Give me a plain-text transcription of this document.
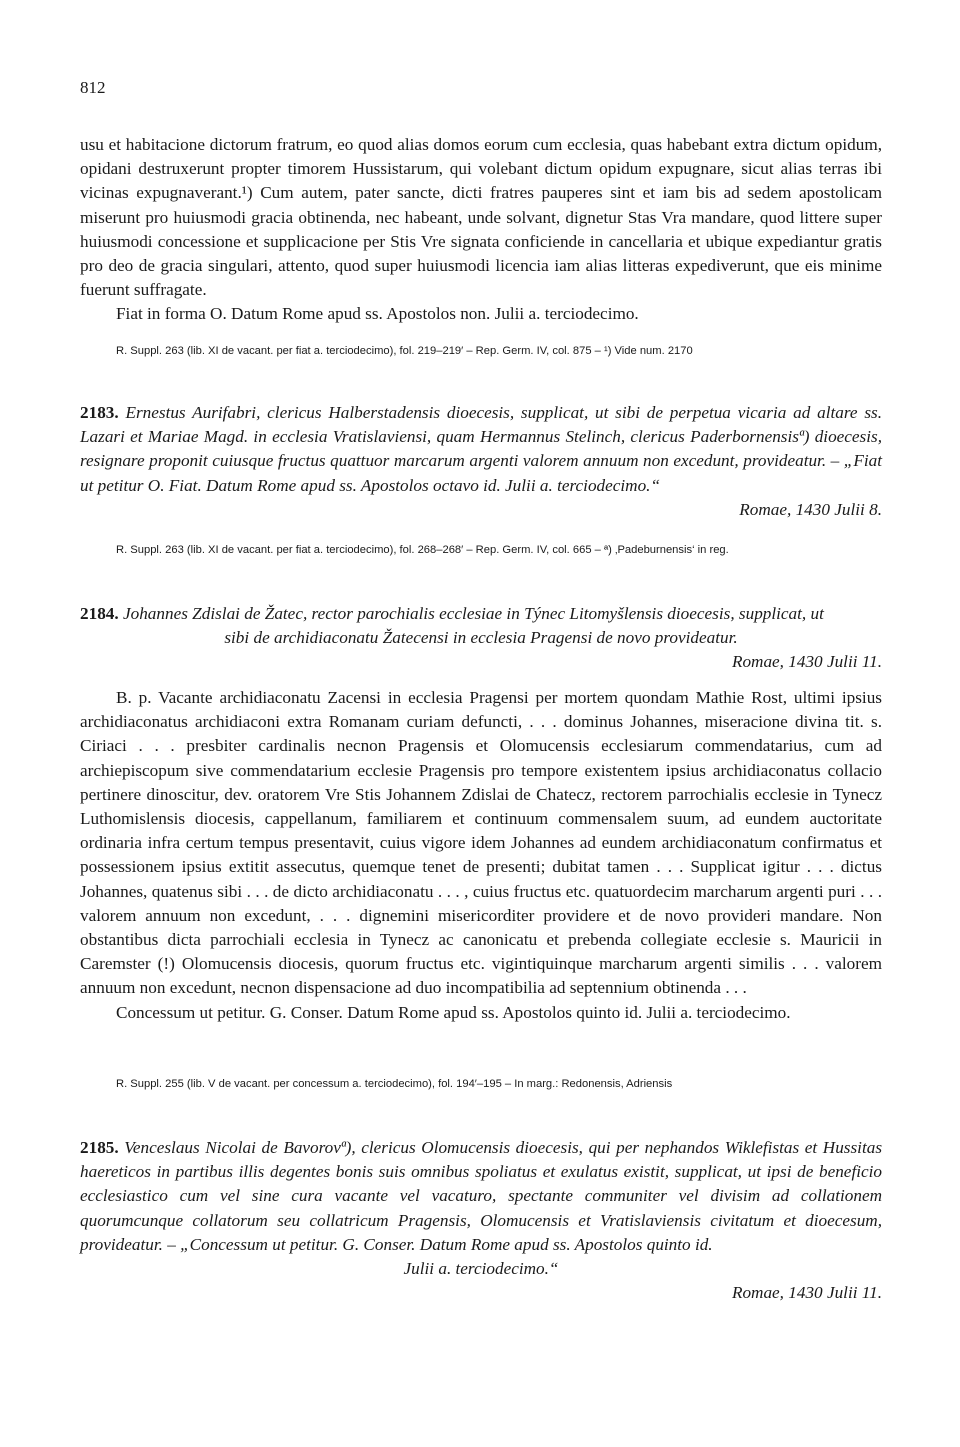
812

usu et habitacione dictorum fratrum, eo quod alias domos eorum cum ecclesia, quas habebant extra dictum opidum, opidani destruxerunt propter timorem Hussistarum, qui volebant dictum opidum expugnare, sicut alias terras ibi vicinas expugnaverant.¹) Cum autem, pater sancte, dicti fratres pauperes sint et iam bis ad sedem apostolicam miserunt pro huiusmodi gracia obtinenda, nec habeant, unde solvant, dignetur Stas Vra mandare, quod littere super huiusmodi concessione et supplicacione per Stis Vre signata conficiende in cancellaria et ubique expediantur gratis pro deo de gracia singulari, attento, quod super huiusmodi licencia iam alias litteras expediverunt, que eis minime fuerunt suffragate.

Fiat in forma O. Datum Rome apud ss. Apostolos non. Julii a. terciodecimo.

R. Suppl. 263 (lib. XI de vacant. per fiat a. terciodecimo), fol. 219–219′ – Rep. Germ. IV, col. 875 – ¹) Vide num. 2170

2183. Ernestus Aurifabri, clericus Halberstadensis dioecesis, supplicat, ut sibi de perpetua vicaria ad altare ss. Lazari et Mariae Magd. in ecclesia Vratislaviensi, quam Hermannus Stelinch, clericus Paderbornensisª) dioecesis, resignare proponit cuiusque fructus quattuor marcarum argenti valorem annuum non excedunt, provideatur. – „Fiat ut petitur O. Fiat. Datum Rome apud ss. Apostolos octavo id. Julii a. terciodecimo.“

Romae, 1430 Julii 8.

R. Suppl. 263 (lib. XI de vacant. per fiat a. terciodecimo), fol. 268–268′ – Rep. Germ. IV, col. 665 – ª) ‚Padeburnensis‘ in reg.

2184. Johannes Zdislai de Žatec, rector parochialis ecclesiae in Týnec Litomyšlensis dioecesis, supplicat, ut

sibi de archidiaconatu Žatecensi in ecclesia Pragensi de novo provideatur.

Romae, 1430 Julii 11.

B. p. Vacante archidiaconatu Zacensi in ecclesia Pragensi per mortem quondam Mathie Rost, ultimi ipsius archidiaconatus archidiaconi extra Romanam curiam defuncti, . . . dominus Johannes, miseracione divina tit. s. Ciriaci . . . presbiter cardinalis necnon Pragensis et Olomucensis ecclesiarum commendatarius, cum ad archiepiscopum sive commendatarium ecclesie Pragensis pro tempore existentem ipsius archidiaconatus collacio pertinere dinoscitur, dev. oratorem Vre Stis Johannem Zdislai de Chatecz, rectorem parrochialis ecclesie in Tynecz Luthomislensis diocesis, cappellanum, familiarem et continuum commensalem suum, ad eundem auctoritate ordinaria infra certum tempus presentavit, cuius vigore idem Johannes ad eundem archidiaconatum confirmatus et possessionem ipsius extitit assecutus, quemque tenet de presenti; dubitat tamen . . . Supplicat igitur . . . dictus Johannes, quatenus sibi . . . de dicto archidiaconatu . . . , cuius fructus etc. quatuordecim marcharum argenti puri . . . valorem annuum non excedunt, . . . dignemini misericorditer providere et de novo provideri mandare. Non obstantibus dicta parrochiali ecclesia in Tynecz ac canonicatu et prebenda collegiate ecclesie s. Mauricii in Caremster (!) Olomucensis diocesis, quorum fructus etc. vigintiquinque marcharum argenti similis . . . valorem annuum non excedunt, necnon dispensacione ad duo incompatibilia ad septennium obtinenda . . .

Concessum ut petitur. G. Conser. Datum Rome apud ss. Apostolos quinto id. Julii a. terciodecimo.

R. Suppl. 255 (lib. V de vacant. per concessum a. terciodecimo), fol. 194′–195 – In marg.: Redonensis, Adriensis

2185. Venceslaus Nicolai de Bavorovª), clericus Olomucensis dioecesis, qui per nephandos Wiklefistas et Hussitas haereticos in partibus illis degentes bonis suis omnibus spoliatus et exulatus existit, supplicat, ut ipsi de beneficio ecclesiastico cum vel sine cura vacante vel vacaturo, spectante communiter vel divisim ad collationem quorumcunque collatorum seu collatricum Pragensis, Olomucensis et Vratislaviensis civitatum et dioecesum, provideatur. – „Concessum ut petitur. G. Conser. Datum Rome apud ss. Apostolos quinto id.

Julii a. terciodecimo.“

Romae, 1430 Julii 11.
